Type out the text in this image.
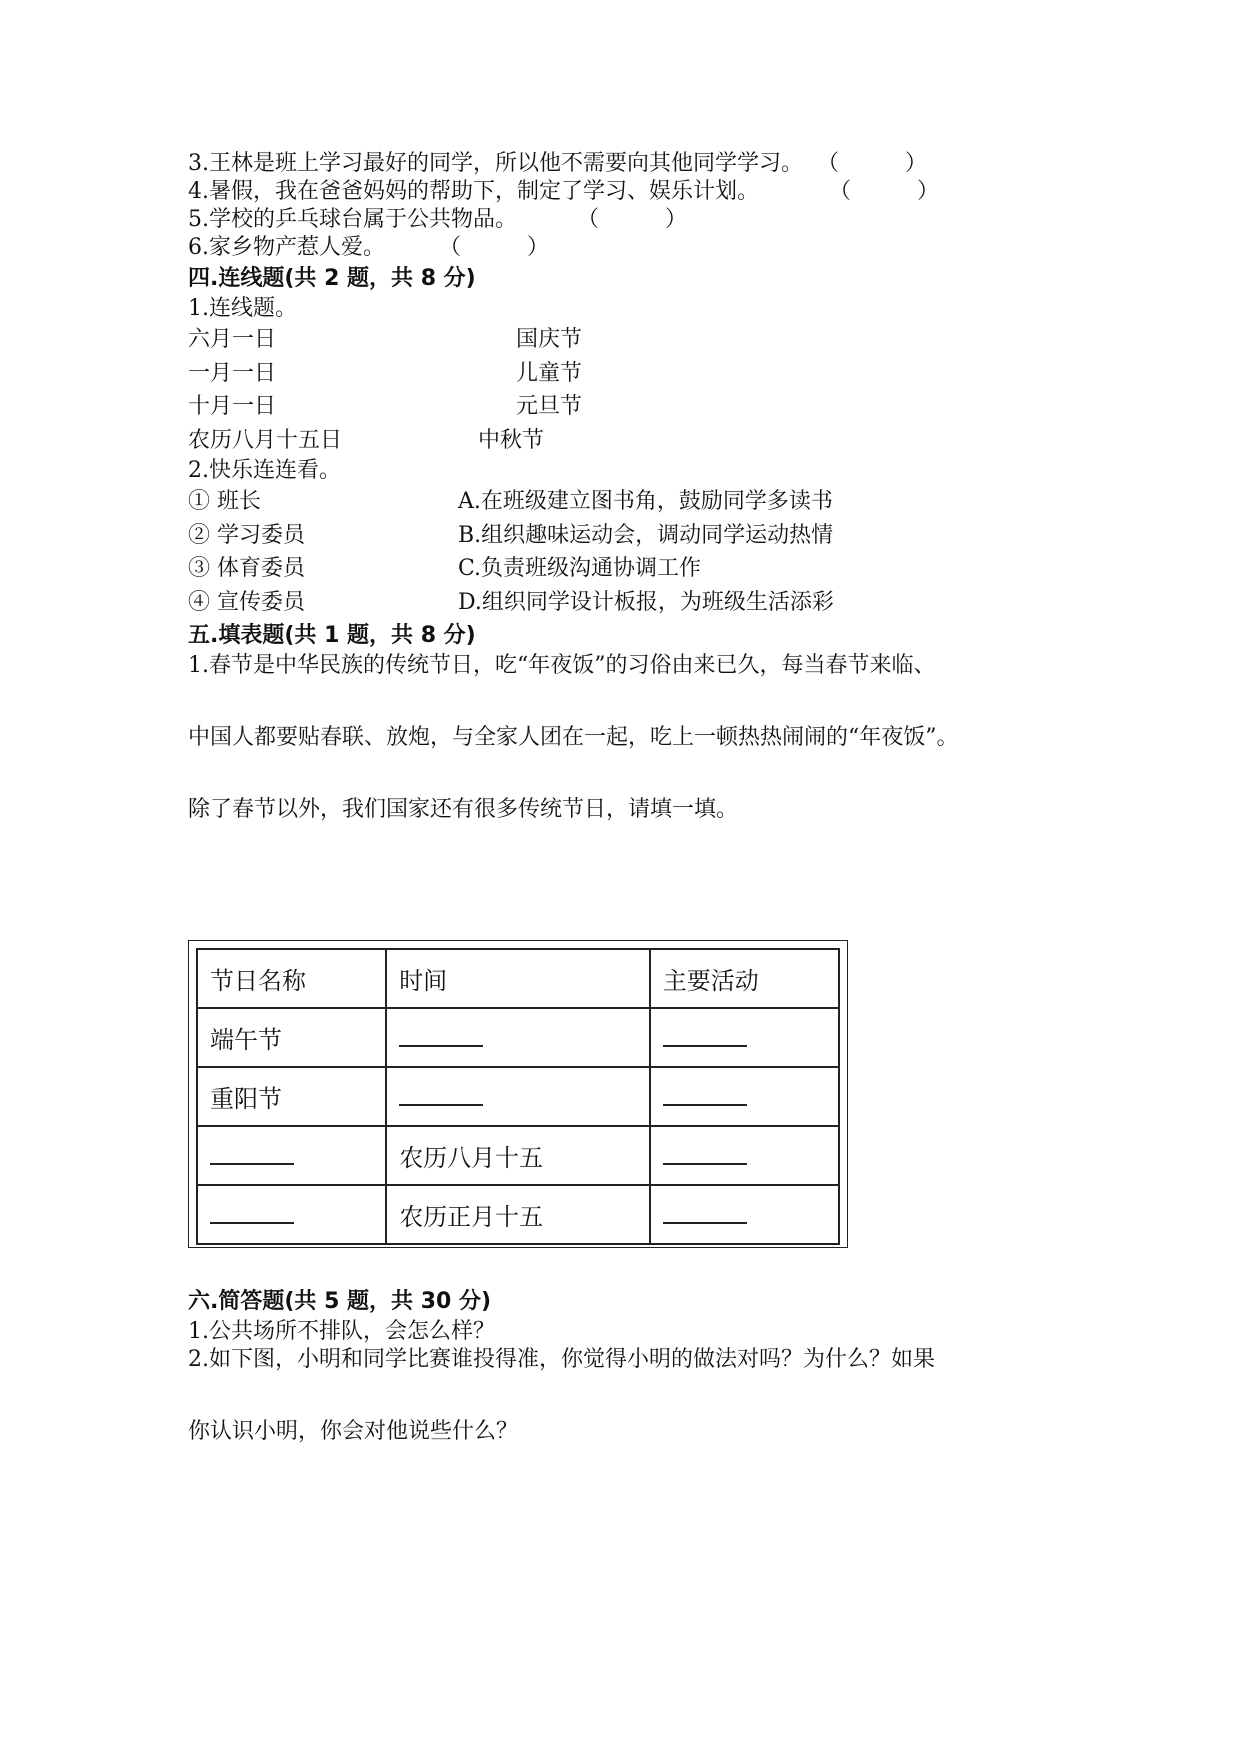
3.王林是班上学习最好的同学，所以他不需要向其他同学学习。 （　　　）
4.暑假，我在爸爸妈妈的帮助下，制定了学习、娱乐计划。	（　　　）
5.学校的乒乓球台属于公共物品。	（　　　）
6.家乡物产惹人爱。 （　　　）
四.连线题(共 2 题，共 8 分)
1.连线题。
六月一日	国庆节
一月一日	儿童节
十月一日	元旦节
农历八月十五日	中秋节
2.快乐连连看。
① 班长	A.在班级建立图书角，鼓励同学多读书
② 学习委员	B.组织趣味运动会，调动同学运动热情
③ 体育委员	C.负责班级沟通协调工作
④ 宣传委员	D.组织同学设计板报，为班级生活添彩
五.填表题(共 1 题，共 8 分)
1.春节是中华民族的传统节日，吃“年夜饭”的习俗由来已久，每当春节来临、
中国人都要贴春联、放炮，与全家人团在一起，吃上一顿热热闹闹的“年夜饭”。
除了春节以外，我们国家还有很多传统节日，请填一填。
节日名称	时间	主要活动
端午节		
重阳节		
	农历八月十五	
	农历正月十五	
六.简答题(共 5 题，共 30 分)
1.公共场所不排队，会怎么样？
2.如下图，小明和同学比赛谁投得准，你觉得小明的做法对吗？为什么？如果
你认识小明，你会对他说些什么？
